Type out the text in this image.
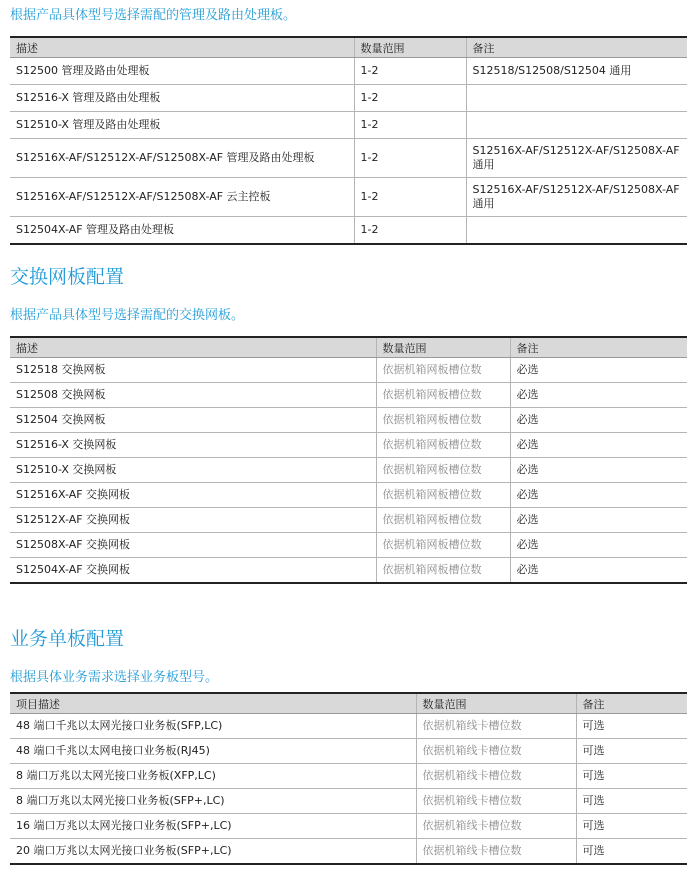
根据产品具体型号选择需配的管理及路由处理板。
描述	数量范围	备注
S12500 管理及路由处理板	1-2	S12518/S12508/S12504 通用
S12516-X 管理及路由处理板	1-2	
S12510-X 管理及路由处理板	1-2	
S12516X-AF/S12512X-AF/S12508X-AF 管理及路由处理板	1-2	S12516X-AF/S12512X-AF/S12508X-AF 通用
S12516X-AF/S12512X-AF/S12508X-AF 云主控板	1-2	S12516X-AF/S12512X-AF/S12508X-AF 通用
S12504X-AF 管理及路由处理板	1-2	
交换网板配置
根据产品具体型号选择需配的交换网板。
描述	数量范围	备注
S12518 交换网板	依据机箱网板槽位数	必选
S12508 交换网板	依据机箱网板槽位数	必选
S12504 交换网板	依据机箱网板槽位数	必选
S12516-X 交换网板	依据机箱网板槽位数	必选
S12510-X 交换网板	依据机箱网板槽位数	必选
S12516X-AF 交换网板	依据机箱网板槽位数	必选
S12512X-AF 交换网板	依据机箱网板槽位数	必选
S12508X-AF 交换网板	依据机箱网板槽位数	必选
S12504X-AF 交换网板	依据机箱网板槽位数	必选
业务单板配置
根据具体业务需求选择业务板型号。
项目描述	数量范围	备注
48 端口千兆以太网光接口业务板(SFP,LC)	依据机箱线卡槽位数	可选
48 端口千兆以太网电接口业务板(RJ45)	依据机箱线卡槽位数	可选
8 端口万兆以太网光接口业务板(XFP,LC)	依据机箱线卡槽位数	可选
8 端口万兆以太网光接口业务板(SFP+,LC)	依据机箱线卡槽位数	可选
16 端口万兆以太网光接口业务板(SFP+,LC)	依据机箱线卡槽位数	可选
20 端口万兆以太网光接口业务板(SFP+,LC)	依据机箱线卡槽位数	可选
